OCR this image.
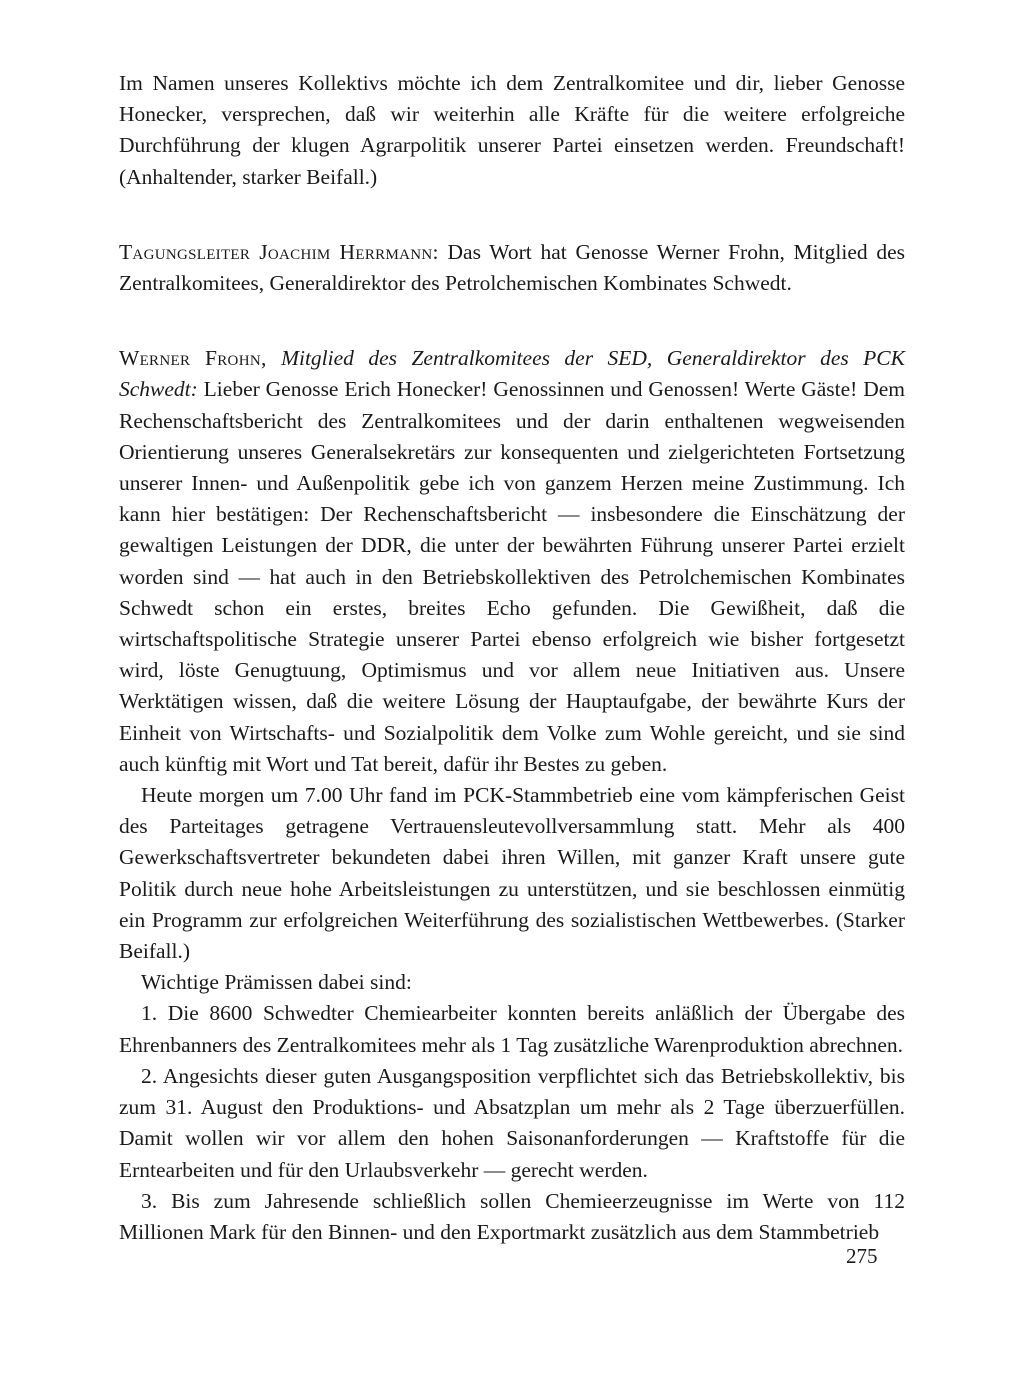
Im Namen unseres Kollektivs möchte ich dem Zentralkomitee und dir, lieber Genosse Honecker, versprechen, daß wir weiterhin alle Kräfte für die weitere erfolgreiche Durchführung der klugen Agrarpolitik unserer Partei einsetzen werden. Freundschaft! (Anhaltender, starker Beifall.)

Tagungsleiter Joachim Herrmann: Das Wort hat Genosse Werner Frohn, Mitglied des Zentralkomitees, Generaldirektor des Petrolchemischen Kombinates Schwedt.

Werner Frohn, Mitglied des Zentralkomitees der SED, Generaldirektor des PCK Schwedt: Lieber Genosse Erich Honecker! Genossinnen und Genossen! Werte Gäste! Dem Rechenschaftsbericht des Zentralkomitees und der darin enthaltenen wegweisenden Orientierung unseres Generalsekretärs zur konsequenten und zielgerichteten Fortsetzung unserer Innen- und Außenpolitik gebe ich von ganzem Herzen meine Zustimmung. Ich kann hier bestätigen: Der Rechenschaftsbericht — insbesondere die Einschätzung der gewaltigen Leistungen der DDR, die unter der bewährten Führung unserer Partei erzielt worden sind — hat auch in den Betriebskollektiven des Petrolchemischen Kombinates Schwedt schon ein erstes, breites Echo gefunden. Die Gewißheit, daß die wirtschaftspolitische Strategie unserer Partei ebenso erfolgreich wie bisher fortgesetzt wird, löste Genugtuung, Optimismus und vor allem neue Initiativen aus. Unsere Werktätigen wissen, daß die weitere Lösung der Hauptaufgabe, der bewährte Kurs der Einheit von Wirtschafts- und Sozialpolitik dem Volke zum Wohle gereicht, und sie sind auch künftig mit Wort und Tat bereit, dafür ihr Bestes zu geben.

Heute morgen um 7.00 Uhr fand im PCK-Stammbetrieb eine vom kämpferischen Geist des Parteitages getragene Vertrauensleutevollversammlung statt. Mehr als 400 Gewerkschaftsvertreter bekundeten dabei ihren Willen, mit ganzer Kraft unsere gute Politik durch neue hohe Arbeitsleistungen zu unterstützen, und sie beschlossen einmütig ein Programm zur erfolgreichen Weiterführung des sozialistischen Wettbewerbes. (Starker Beifall.)

Wichtige Prämissen dabei sind:

1. Die 8600 Schwedter Chemiearbeiter konnten bereits anläßlich der Übergabe des Ehrenbanners des Zentralkomitees mehr als 1 Tag zusätzliche Warenproduktion abrechnen.

2. Angesichts dieser guten Ausgangsposition verpflichtet sich das Betriebskollektiv, bis zum 31. August den Produktions- und Absatzplan um mehr als 2 Tage überzuerfüllen. Damit wollen wir vor allem den hohen Saisonanforderungen — Kraftstoffe für die Erntearbeiten und für den Urlaubsverkehr — gerecht werden.

3. Bis zum Jahresende schließlich sollen Chemieerzeugnisse im Werte von 112 Millionen Mark für den Binnen- und den Exportmarkt zusätzlich aus dem Stammbetrieb

275
